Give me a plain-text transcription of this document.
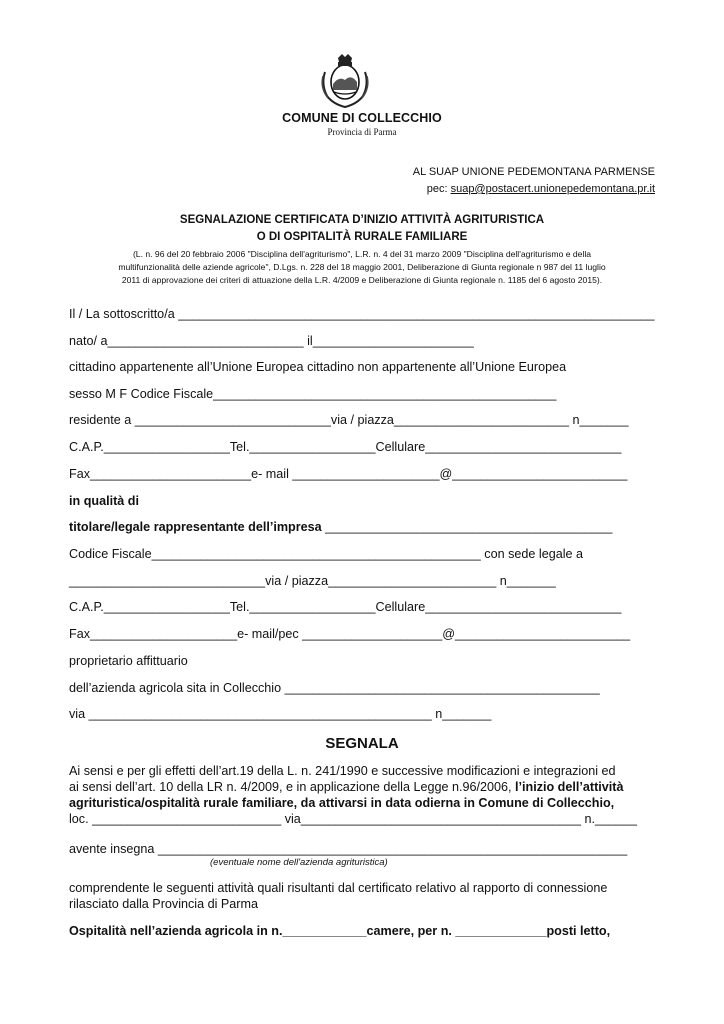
COMUNE DI COLLECCHIO
Provincia di Parma
AL SUAP UNIONE PEDEMONTANA PARMENSE
pec: suap@postacert.unionepedemontana.pr.it
SEGNALAZIONE CERTIFICATA D’INIZIO ATTIVITÀ AGRITURISTICA
O DI OSPITALITÀ RURALE FAMILIARE
(L. n. 96 del 20 febbraio 2006 "Disciplina dell'agriturismo", L.R. n. 4 del 31 marzo 2009 "Disciplina dell'agriturismo e della
multifunzionalità delle aziende agricole", D.Lgs. n. 228 del 18 maggio 2001, Deliberazione di Giunta regionale n 987 del 11 luglio
2011 di approvazione dei criteri di attuazione della L.R. 4/2009 e Deliberazione di Giunta regionale n. 1185 del 6 agosto 2015).
Il / La sottoscritto/a ____________________________________________________________________
nato/ a____________________________ il_______________________
cittadino appartenente all’Unione Europea cittadino non appartenente all’Unione Europea
sesso M F Codice Fiscale_________________________________________________
residente a ____________________________via / piazza_________________________ n_______
C.A.P.__________________Tel.__________________Cellulare____________________________
Fax_______________________e- mail _____________________@_________________________
in qualità di
titolare/legale rappresentante dell’impresa _________________________________________
Codice Fiscale_______________________________________________ con sede legale a
____________________________via / piazza________________________ n_______
C.A.P.__________________Tel.__________________Cellulare____________________________
Fax_____________________e- mail/pec ____________________@_________________________
proprietario affittuario
dell’azienda agricola sita in Collecchio _____________________________________________
via _________________________________________________ n_______
SEGNALA
Ai sensi e per gli effetti dell’art.19 della L. n. 241/1990 e successive modificazioni e integrazioni ed
ai sensi dell’art. 10 della LR n. 4/2009, e in applicazione della Legge n.96/2006, l’inizio dell’attività
agrituristica/ospitalità rurale familiare, da attivarsi in data odierna in Comune di Collecchio,
loc. ___________________________ via________________________________________ n.______
avente insegna ___________________________________________________________________
(eventuale nome dell'azienda agrituristica)
comprendente le seguenti attività quali risultanti dal certificato relativo al rapporto di connessione
rilasciato dalla Provincia di Parma
Ospitalità nell’azienda agricola in n.____________camere, per n. _____________posti letto,
